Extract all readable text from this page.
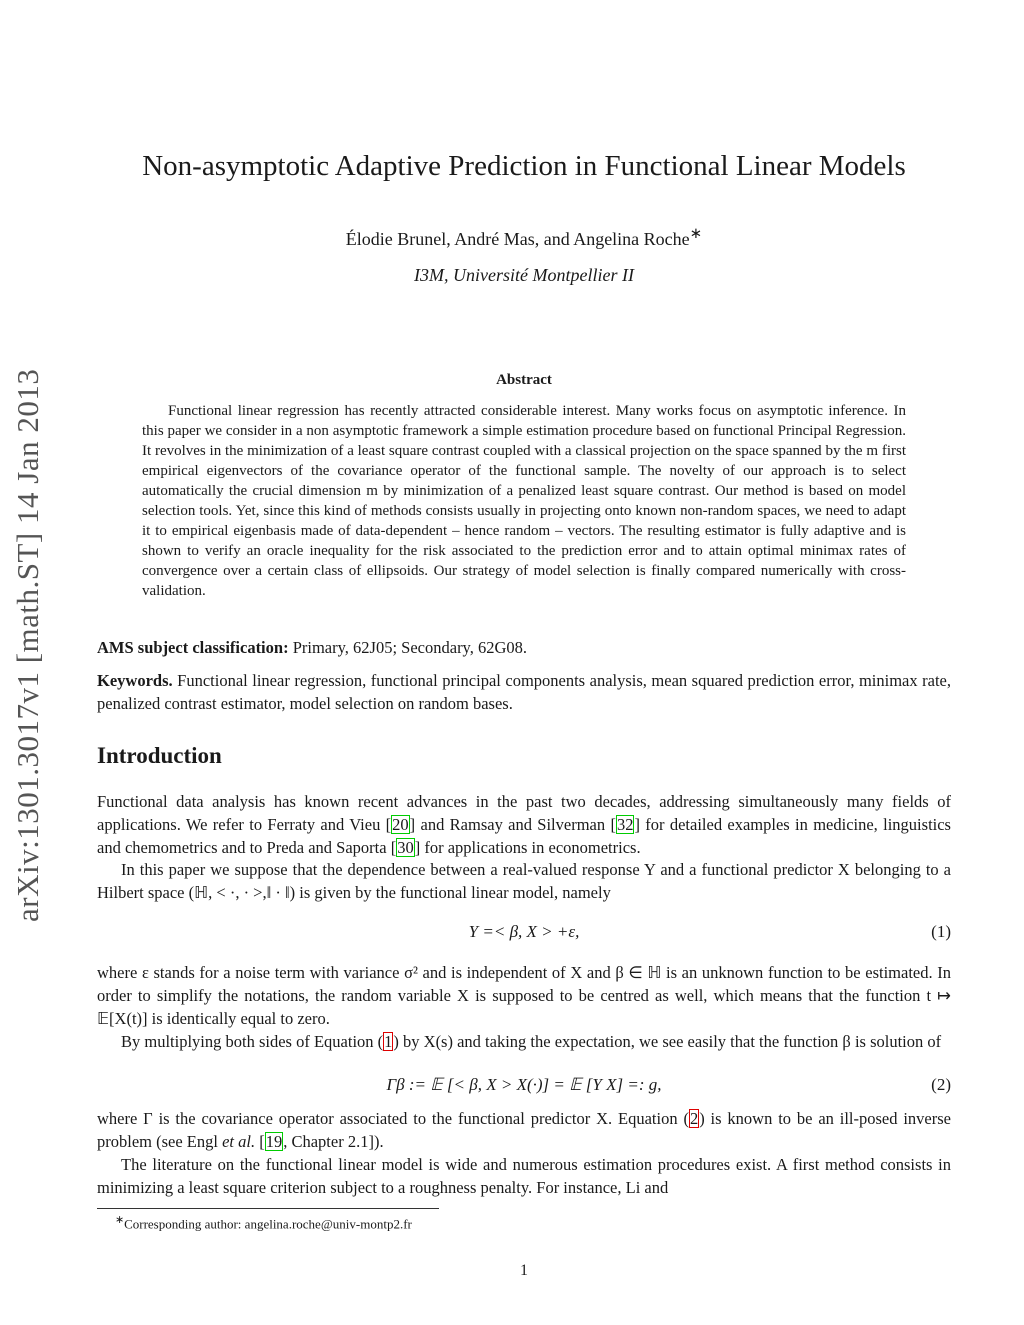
arXiv:1301.3017v1 [math.ST] 14 Jan 2013
Non-asymptotic Adaptive Prediction in Functional Linear Models
Élodie Brunel, André Mas, and Angelina Roche∗
I3M, Université Montpellier II
Abstract

Functional linear regression has recently attracted considerable interest. Many works focus on asymptotic inference. In this paper we consider in a non asymptotic framework a simple estimation procedure based on functional Principal Regression. It revolves in the minimization of a least square contrast coupled with a classical projection on the space spanned by the m first empirical eigenvectors of the covariance operator of the functional sample. The novelty of our approach is to select automatically the crucial dimension m by minimization of a penalized least square contrast. Our method is based on model selection tools. Yet, since this kind of methods consists usually in projecting onto known non-random spaces, we need to adapt it to empirical eigenbasis made of data-dependent – hence random – vectors. The resulting estimator is fully adaptive and is shown to verify an oracle inequality for the risk associated to the prediction error and to attain optimal minimax rates of convergence over a certain class of ellipsoids. Our strategy of model selection is finally compared numerically with cross-validation.

AMS subject classification: Primary, 62J05; Secondary, 62G08.

Keywords. Functional linear regression, functional principal components analysis, mean squared prediction error, minimax rate, penalized contrast estimator, model selection on random bases.

Introduction

Functional data analysis has known recent advances in the past two decades, addressing simultaneously many fields of applications. We refer to Ferraty and Vieu [20] and Ramsay and Silverman [32] for detailed examples in medicine, linguistics and chemometrics and to Preda and Saporta [30] for applications in econometrics.

In this paper we suppose that the dependence between a real-valued response Y and a functional predictor X belonging to a Hilbert space (ℍ, < ·, · >,‖ · ‖) is given by the functional linear model, namely

Y =< β, X > +ε,	(1)

where ε stands for a noise term with variance σ² and is independent of X and β ∈ ℍ is an unknown function to be estimated. In order to simplify the notations, the random variable X is supposed to be centred as well, which means that the function t ↦ 𝔼[X(t)] is identically equal to zero.

By multiplying both sides of Equation (1) by X(s) and taking the expectation, we see easily that the function β is solution of

Γβ := 𝔼 [< β, X > X(·)] = 𝔼 [Y X] =: g,	(2)

where Γ is the covariance operator associated to the functional predictor X. Equation (2) is known to be an ill-posed inverse problem (see Engl et al. [19, Chapter 2.1]).

The literature on the functional linear model is wide and numerous estimation procedures exist. A first method consists in minimizing a least square criterion subject to a roughness penalty. For instance, Li and

∗Corresponding author: angelina.roche@univ-montp2.fr
1
